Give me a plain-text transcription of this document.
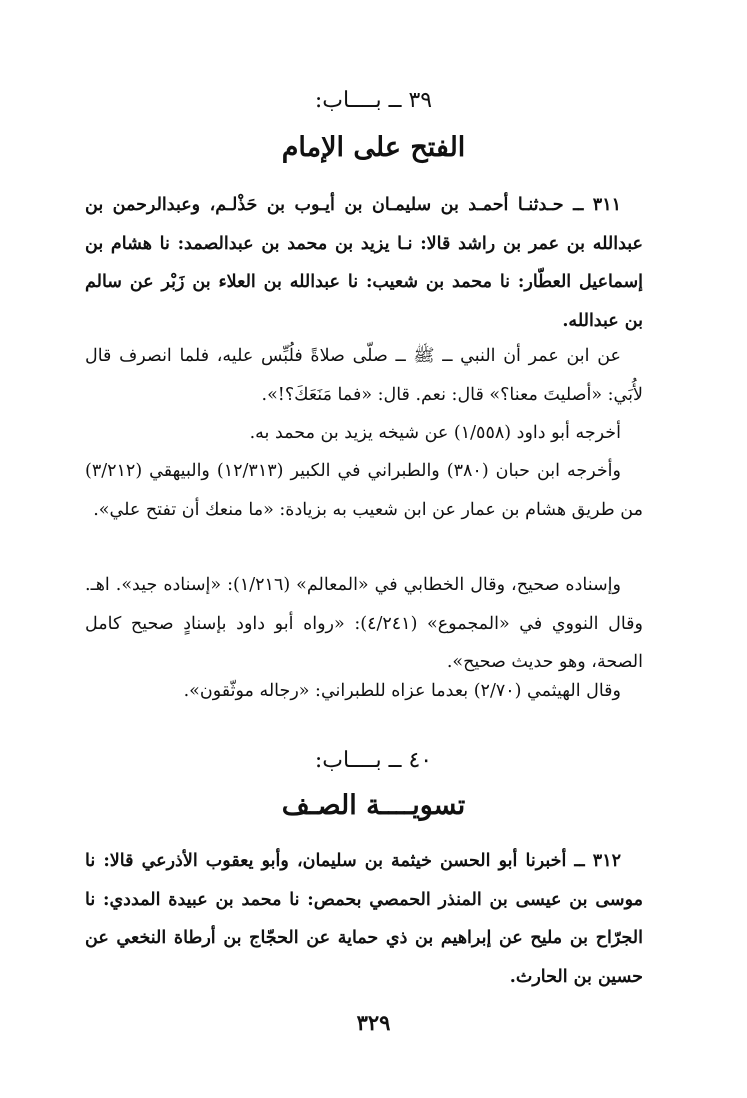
٣٩ ــ بــــاب:
الفتح على الإمام
٣١١ ــ حـدثنـا أحمـد بن سليمـان بن أيـوب بن حَذْلـم، وعبدالرحمن بن عبدالله بن عمر بن راشد قالا: نـا يزيد بن محمد بن عبدالصمد: نا هشام بن إسماعيل العطّار: نا محمد بن شعيب: نا عبدالله بن العلاء بن زَبْر عن سالم بن عبدالله.
عن ابن عمر أن النبي ــ ﷺ ــ صلّى صلاةً فلُبِّس عليه، فلما انصرف قال لأُبَي: «أصليتَ معنا؟» قال: نعم. قال: «فما مَنَعَكَ؟!».
أخرجه أبو داود (١/٥٥٨) عن شيخه يزيد بن محمد به.
وأخرجه ابن حبان (٣٨٠) والطبراني في الكبير (١٢/٣١٣) والبيهقي (٣/٢١٢) من طريق هشام بن عمار عن ابن شعيب به بزيادة: «ما منعك أن تفتح علي».
وإسناده صحيح، وقال الخطابي في «المعالم» (١/٢١٦): «إسناده جيد». اهـ. وقال النووي في «المجموع» (٤/٢٤١): «رواه أبو داود بإسنادٍ صحيح كامل الصحة، وهو حديث صحيح».
وقال الهيثمي (٢/٧٠) بعدما عزاه للطبراني: «رجاله موثّقون».
٤٠ ــ بــــاب:
تسويــــة الصـف
٣١٢ ــ أخبرنا أبو الحسن خيثمة بن سليمان، وأبو يعقوب الأذرعي قالا: نا موسى بن عيسى بن المنذر الحمصي بحمص: نا محمد بن عبيدة المددي: نا الجرّاح بن مليح عن إبراهيم بن ذي حماية عن الحجّاج بن أرطاة النخعي عن حسين بن الحارث.
٣٢٩
